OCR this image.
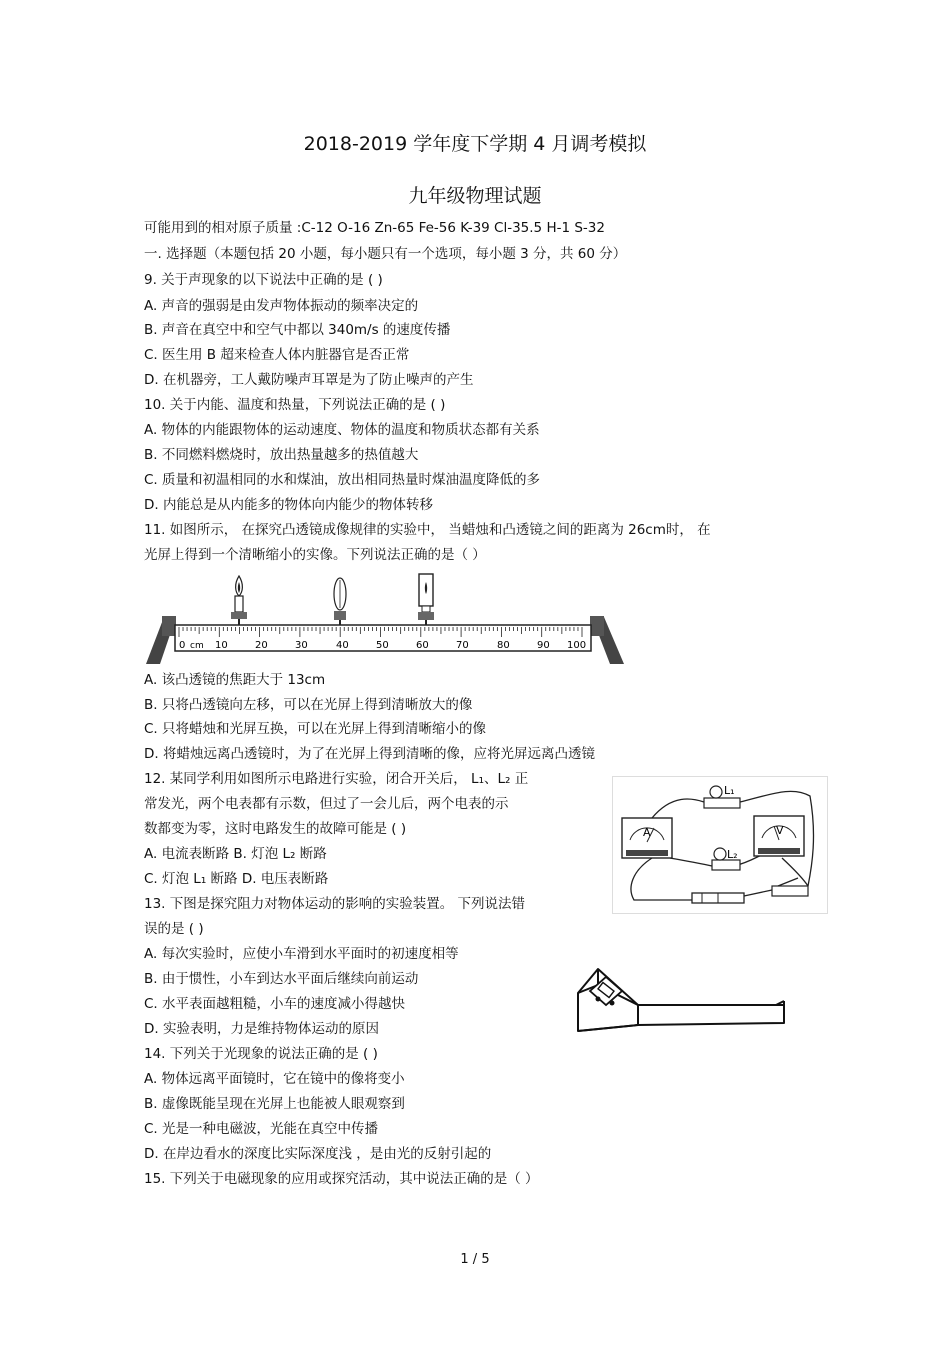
2018-2019 学年度下学期 4 月调考模拟
九年级物理试题
可能用到的相对原子质量 :C-12 O-16 Zn-65 Fe-56 K-39 Cl-35.5 H-1 S-32
一. 选择题（本题包括 20 小题，每小题只有一个选项，每小题 3 分，共 60 分）
9. 关于声现象的以下说法中正确的是 ( )
A. 声音的强弱是由发声物体振动的频率决定的
B. 声音在真空中和空气中都以 340m/s 的速度传播
C. 医生用 B 超来检查人体内脏器官是否正常
D. 在机器旁，工人戴防噪声耳罩是为了防止噪声的产生
10. 关于内能、温度和热量，下列说法正确的是 ( )
A. 物体的内能跟物体的运动速度、物体的温度和物质状态都有关系
B. 不同燃料燃烧时，放出热量越多的热值越大
C. 质量和初温相同的水和煤油，放出相同热量时煤油温度降低的多
D. 内能总是从内能多的物体向内能少的物体转移
11. 如图所示， 在探究凸透镜成像规律的实验中， 当蜡烛和凸透镜之间的距离为 26cm时， 在
光屏上得到一个清晰缩小的实像。下列说法正确的是（ ）
0 cm 10	20	30	40	50	60	70	80	90 100
A. 该凸透镜的焦距大于 13cm
B. 只将凸透镜向左移，可以在光屏上得到清晰放大的像
C. 只将蜡烛和光屏互换，可以在光屏上得到清晰缩小的像
D. 将蜡烛远离凸透镜时，为了在光屏上得到清晰的像，应将光屏远离凸透镜
12. 某同学利用如图所示电路进行实验，闭合开关后， L₁、L₂ 正
常发光，两个电表都有示数，但过了一会儿后，两个电表的示
数都变为零，这时电路发生的故障可能是 ( )
A. 电流表断路 B. 灯泡 L₂ 断路
C. 灯泡 L₁ 断路 D. 电压表断路
L₁
L₂
A	V
13. 下图是探究阻力对物体运动的影响的实验装置。 下列说法错
误的是 ( )
A. 每次实验时，应使小车滑到水平面时的初速度相等
B. 由于惯性，小车到达水平面后继续向前运动
C. 水平表面越粗糙，小车的速度减小得越快
D. 实验表明，力是维持物体运动的原因
14. 下列关于光现象的说法正确的是 ( )
A. 物体远离平面镜时，它在镜中的像将变小
B. 虚像既能呈现在光屏上也能被人眼观察到
C. 光是一种电磁波，光能在真空中传播
D. 在岸边看水的深度比实际深度浅 ，是由光的反射引起的
15. 下列关于电磁现象的应用或探究活动，其中说法正确的是（ ）
1 / 5
